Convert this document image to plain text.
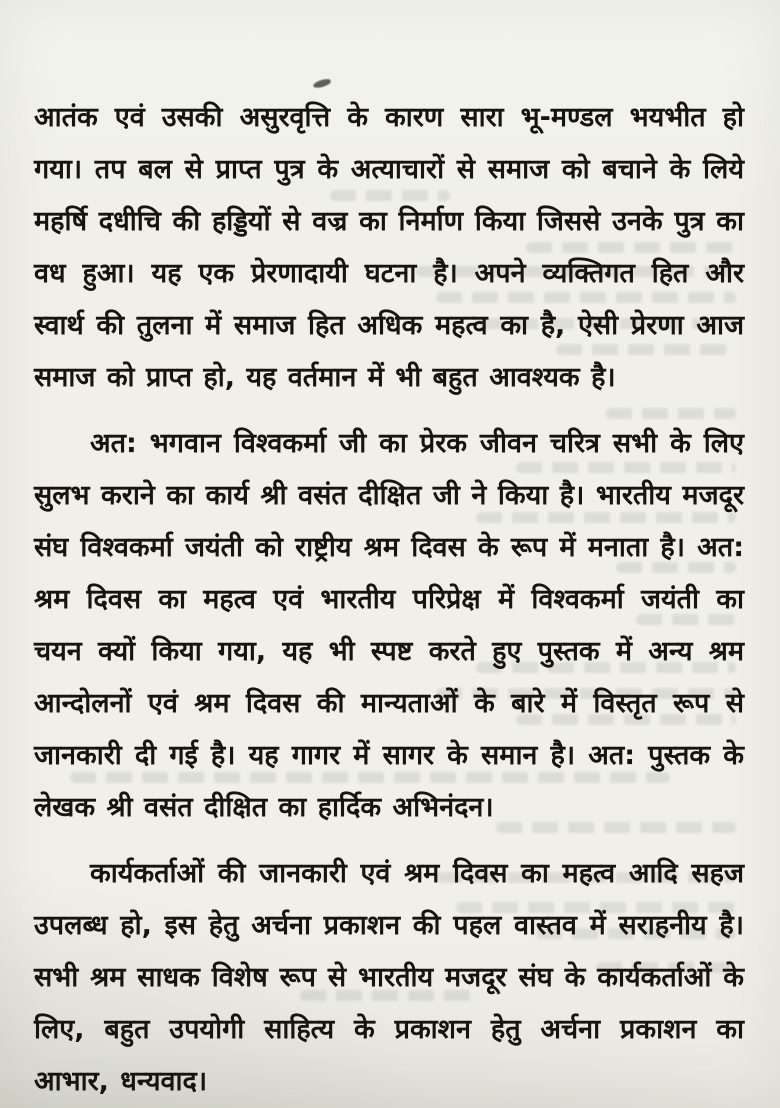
आतंक एवं उसकी असुरवृत्ति के कारण सारा भू-मण्डल भयभीत हो गया। तप बल से प्राप्त पुत्र के अत्याचारों से समाज को बचाने के लिये महर्षि दधीचि की हड्डियों से वज्र का निर्माण किया जिससे उनके पुत्र का वध हुआ। यह एक प्रेरणादायी घटना है। अपने व्यक्तिगत हित और स्वार्थ की तुलना में समाज हित अधिक महत्व का है, ऐसी प्रेरणा आज समाज को प्राप्त हो, यह वर्तमान में भी बहुत आवश्यक है।

अत: भगवान विश्वकर्मा जी का प्रेरक जीवन चरित्र सभी के लिए सुलभ कराने का कार्य श्री वसंत दीक्षित जी ने किया है। भारतीय मजदूर संघ विश्वकर्मा जयंती को राष्ट्रीय श्रम दिवस के रूप में मनाता है। अत: श्रम दिवस का महत्व एवं भारतीय परिप्रेक्ष में विश्वकर्मा जयंती का चयन क्यों किया गया, यह भी स्पष्ट करते हुए पुस्तक में अन्य श्रम आन्दोलनों एवं श्रम दिवस की मान्यताओं के बारे में विस्तृत रूप से जानकारी दी गई है। यह गागर में सागर के समान है। अत: पुस्तक के लेखक श्री वसंत दीक्षित का हार्दिक अभिनंदन।

कार्यकर्ताओं की जानकारी एवं श्रम दिवस का महत्व आदि सहज उपलब्ध हो, इस हेतु अर्चना प्रकाशन की पहल वास्तव में सराहनीय है। सभी श्रम साधक विशेष रूप से भारतीय मजदूर संघ के कार्यकर्ताओं के लिए, बहुत उपयोगी साहित्य के प्रकाशन हेतु अर्चना प्रकाशन का आभार, धन्यवाद।
